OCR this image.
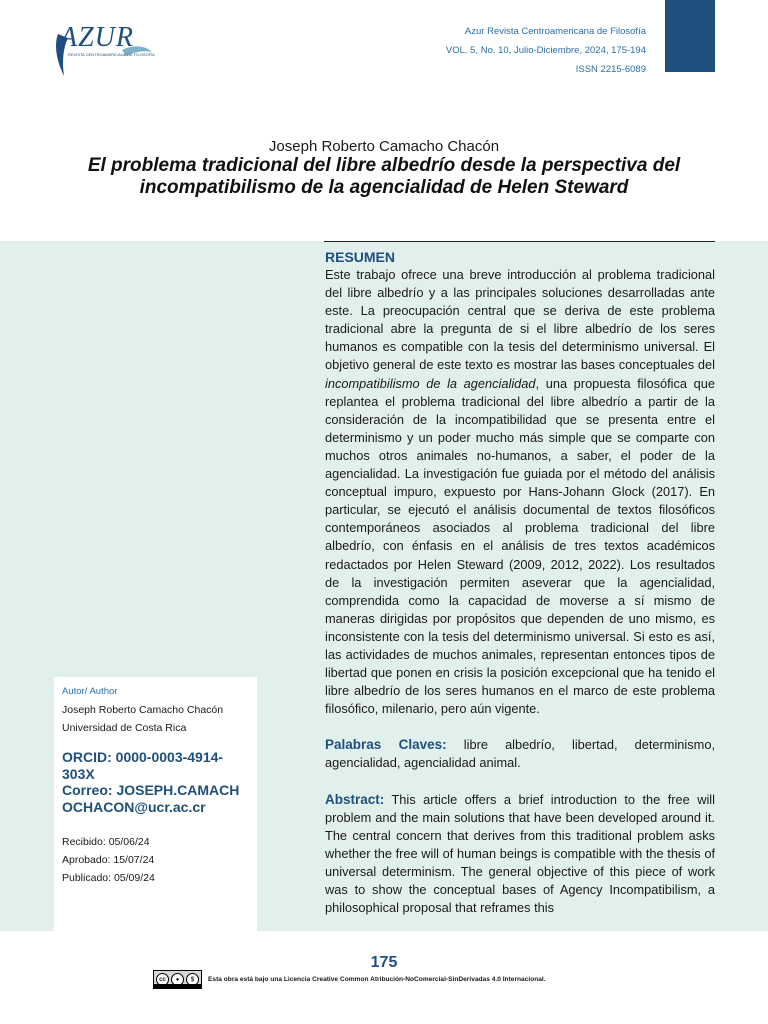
AZUR
REVISTA CENTROAMERICANA DE FILOSOFÍA
Azur Revista Centroamericana de Filosofía
VOL. 5, No. 10, Julio-Diciembre, 2024, 175-194
ISSN 2215-6089
Joseph Roberto Camacho Chacón
El problema tradicional del libre albedrío desde la perspectiva del incompatibilismo de la agencialidad de Helen Steward
RESUMEN

Este trabajo ofrece una breve introducción al problema tradicional del libre albedrío y a las principales soluciones desarrolladas ante este. La preocupación central que se deriva de este problema tradicional abre la pregunta de si el libre albedrío de los seres humanos es compatible con la tesis del determinismo universal. El objetivo general de este texto es mostrar las bases conceptuales del incompatibilismo de la agencialidad, una propuesta filosófica que replantea el problema tradicional del libre albedrío a partir de la consideración de la incompatibilidad que se presenta entre el determinismo y un poder mucho más simple que se comparte con muchos otros animales no-humanos, a saber, el poder de la agencialidad. La investigación fue guiada por el método del análisis conceptual impuro, expuesto por Hans-Johann Glock (2017). En particular, se ejecutó el análisis documental de textos filosóficos contemporáneos asociados al problema tradicional del libre albedrío, con énfasis en el análisis de tres textos académicos redactados por Helen Steward (2009, 2012, 2022). Los resultados de la investigación permiten aseverar que la agencialidad, comprendida como la capacidad de moverse a sí mismo de maneras dirigidas por propósitos que dependen de uno mismo, es inconsistente con la tesis del determinismo universal. Si esto es así, las actividades de muchos animales, representan entonces tipos de libertad que ponen en crisis la posición excepcional que ha tenido el libre albedrío de los seres humanos en el marco de este problema filosófico, milenario, pero aún vigente.

Palabras Claves: libre albedrío, libertad, determinismo, agencialidad, agencialidad animal.

Abstract: This article offers a brief introduction to the free will problem and the main solutions that have been developed around it. The central concern that derives from this traditional problem asks whether the free will of human beings is compatible with the thesis of universal determinism. The general objective of this piece of work was to show the conceptual bases of Agency Incompatibilism, a philosophical proposal that reframes this

Autor/ Author
Joseph Roberto Camacho Chacón
Universidad de Costa Rica
ORCID: 0000-0003-4914-303X
Correo: JOSEPH.CAMACHOCHACON@ucr.ac.cr
Recibido: 05/06/24
Aprobado: 15/07/24
Publicado: 05/09/24
175
cc	●	$	Esta obra está bajo una Licencia Creative Common Atribución-NoComercial-SinDerivadas 4.0 Internacional.
